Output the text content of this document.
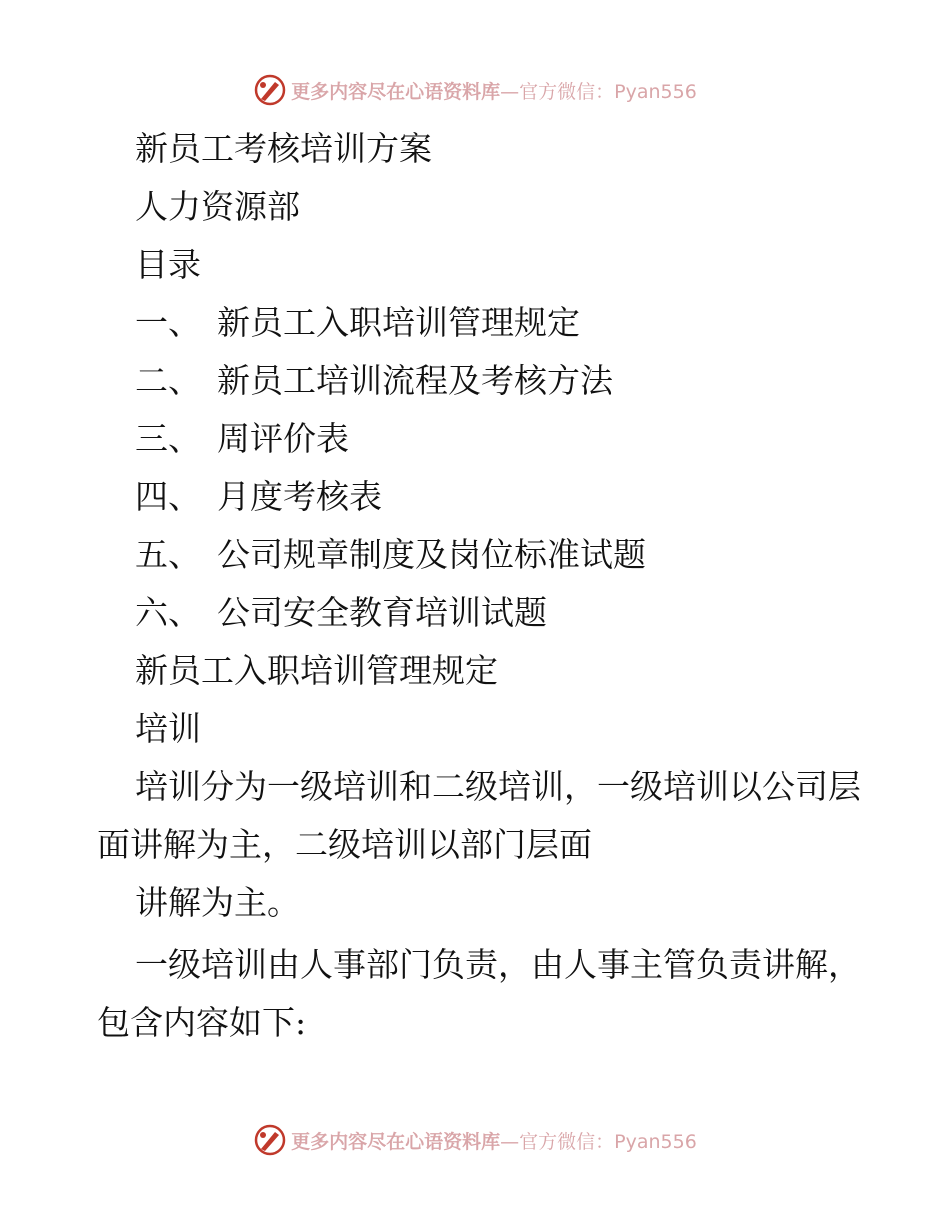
更多内容尽在心语资料库 —官方微信：Pyan556
新员工考核培训方案
人力资源部
目录
一、 新员工入职培训管理规定
二、 新员工培训流程及考核方法
三、 周评价表
四、 月度考核表
五、 公司规章制度及岗位标准试题
六、 公司安全教育培训试题
新员工入职培训管理规定
培训
培训分为一级培训和二级培训，一级培训以公司层面讲解为主，二级培训以部门层面
讲解为主。
一级培训由人事部门负责，由人事主管负责讲解，包含内容如下:
更多内容尽在心语资料库 —官方微信：Pyan556
